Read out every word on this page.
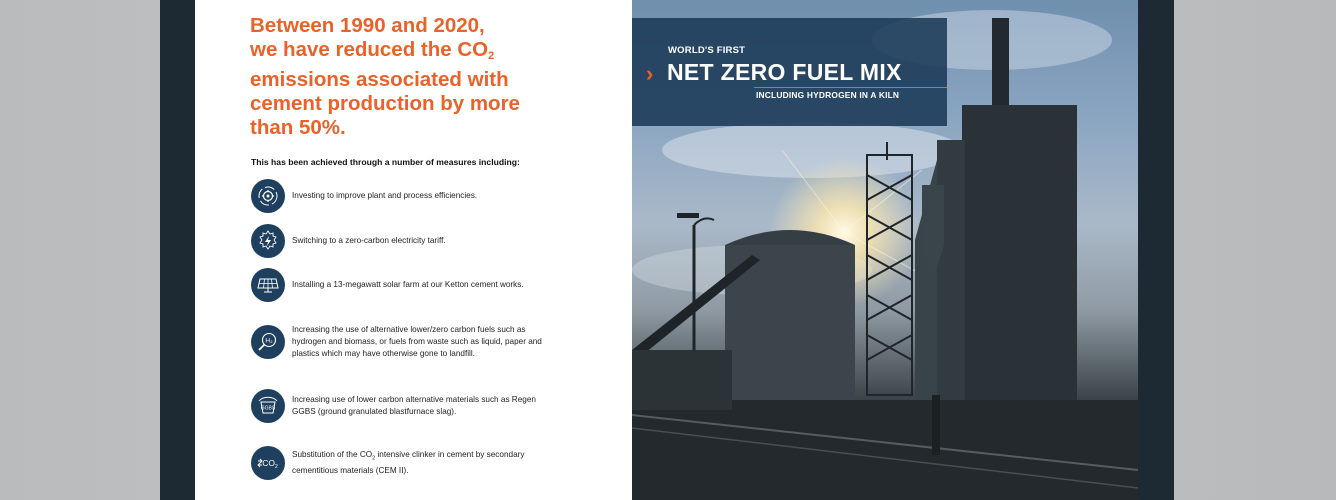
Between 1990 and 2020,
we have reduced the $CO_2$
emissions associated with
cement production by more
than 50%.
This has been achieved through a number of measures including:
Investing to improve plant and process efficiencies.
Switching to a zero-carbon electricity tariff.
Installing a 13-megawatt solar farm at our Ketton cement works.
H₂
Increasing the use of alternative lower/zero carbon fuels such as hydrogen and biomass, or fuels from waste such as liquid, paper and plastics which may have otherwise gone to landfill.
GGBS
Increasing use of lower carbon alternative materials such as Regen GGBS (ground granulated blastfurnace slag).
$CO_2$
Substitution of the $CO_2$ intensive clinker in cement by secondary cementitious materials (CEM II).
WORLD'S FIRST
› NET ZERO FUEL MIX
INCLUDING HYDROGEN IN A KILN
